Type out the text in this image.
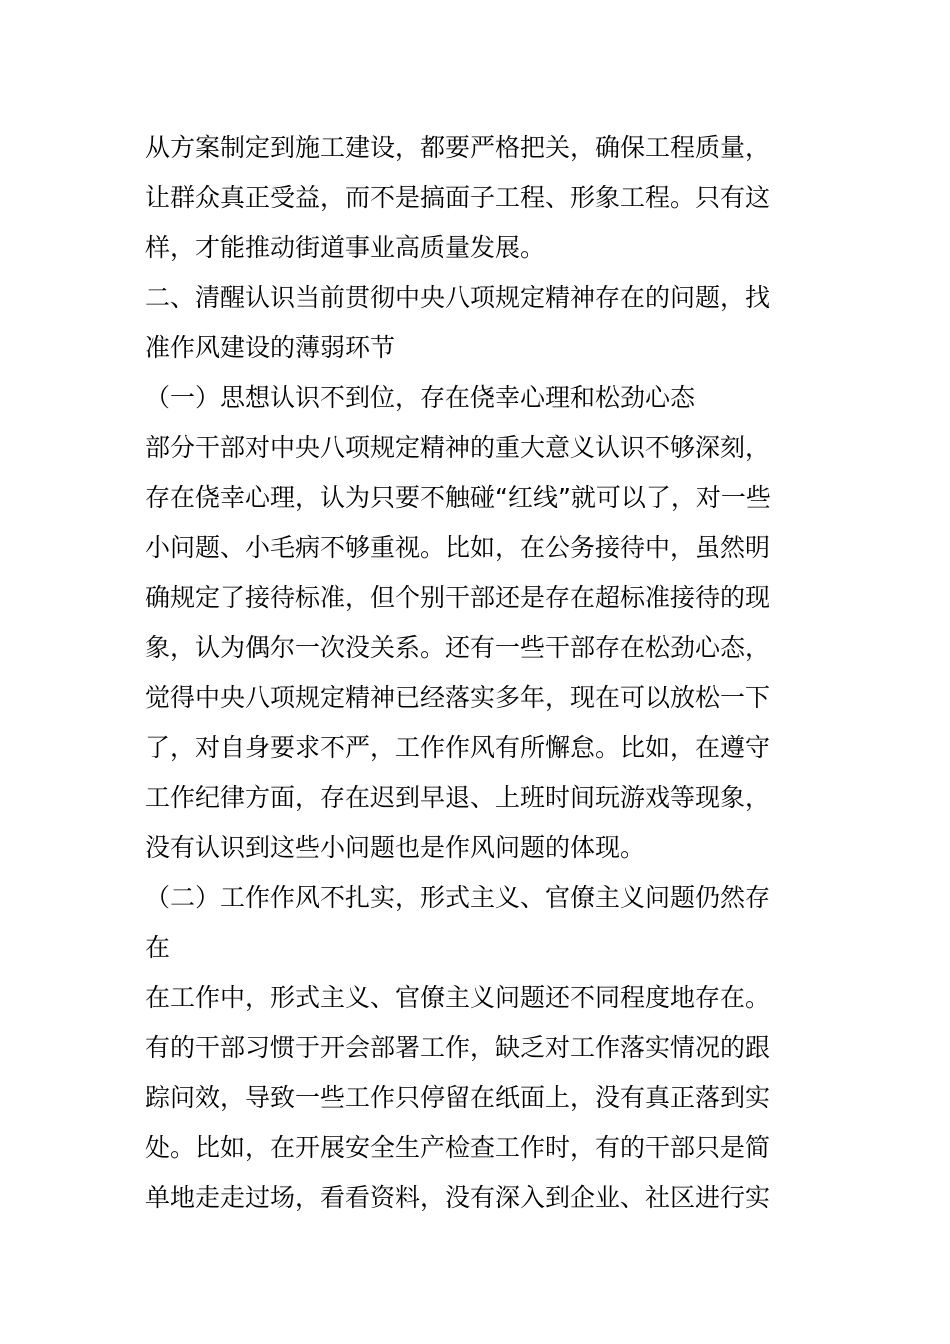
从方案制定到施工建设，都要严格把关，确保工程质量，
让群众真正受益，而不是搞面子工程、形象工程。只有这
样，才能推动街道事业高质量发展。
二、清醒认识当前贯彻中央八项规定精神存在的问题，找
准作风建设的薄弱环节
（一）思想认识不到位，存在侥幸心理和松劲心态
部分干部对中央八项规定精神的重大意义认识不够深刻，
存在侥幸心理，认为只要不触碰“红线”就可以了，对一些
小问题、小毛病不够重视。比如，在公务接待中，虽然明
确规定了接待标准，但个别干部还是存在超标准接待的现
象，认为偶尔一次没关系。还有一些干部存在松劲心态，
觉得中央八项规定精神已经落实多年，现在可以放松一下
了，对自身要求不严，工作作风有所懈怠。比如，在遵守
工作纪律方面，存在迟到早退、上班时间玩游戏等现象，
没有认识到这些小问题也是作风问题的体现。
（二）工作作风不扎实，形式主义、官僚主义问题仍然存
在
在工作中，形式主义、官僚主义问题还不同程度地存在。
有的干部习惯于开会部署工作，缺乏对工作落实情况的跟
踪问效，导致一些工作只停留在纸面上，没有真正落到实
处。比如，在开展安全生产检查工作时，有的干部只是简
单地走走过场，看看资料，没有深入到企业、社区进行实
